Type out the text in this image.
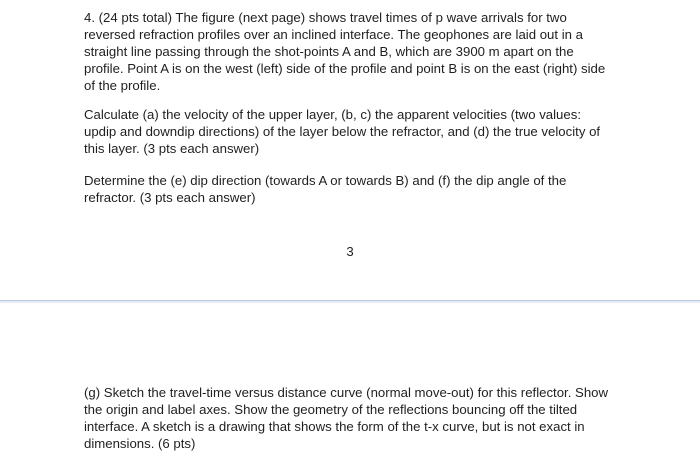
4. (24 pts total) The figure (next page) shows travel times of p wave arrivals for two
reversed refraction profiles over an inclined interface. The geophones are laid out in a
straight line passing through the shot-points A and B, which are 3900 m apart on the
profile. Point A is on the west (left) side of the profile and point B is on the east (right) side
of the profile.
Calculate (a) the velocity of the upper layer, (b, c) the apparent velocities (two values:
updip and downdip directions) of the layer below the refractor, and (d) the true velocity of
this layer. (3 pts each answer)
Determine the (e) dip direction (towards A or towards B) and (f) the dip angle of the
refractor. (3 pts each answer)
3
(g) Sketch the travel-time versus distance curve (normal move-out) for this reflector. Show
the origin and label axes. Show the geometry of the reflections bouncing off the tilted
interface. A sketch is a drawing that shows the form of the t-x curve, but is not exact in
dimensions. (6 pts)
